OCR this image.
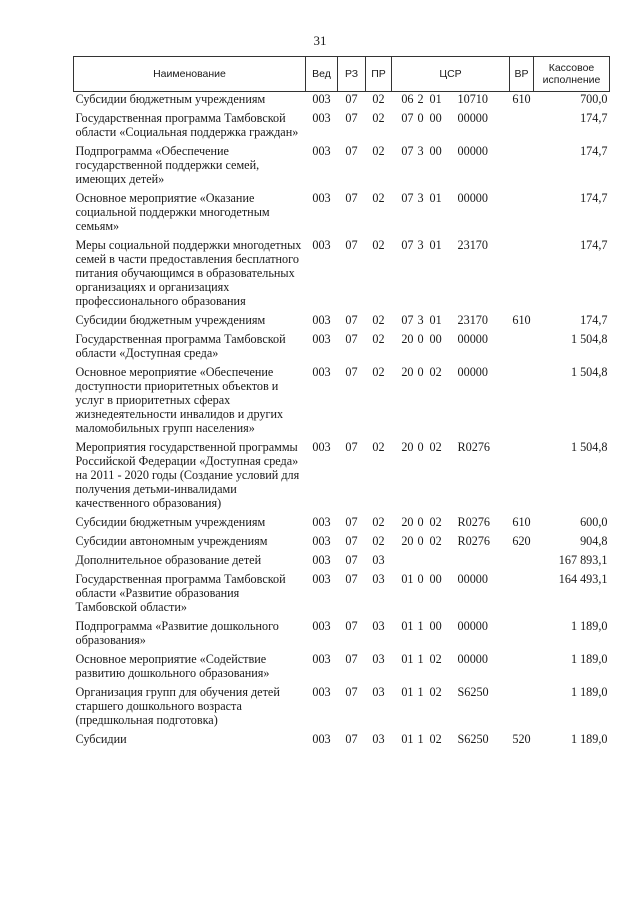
31
Наименование	Вед	РЗ	ПР	ЦСР	ВР	Кассовое исполнение
Субсидии бюджетным учреждениям	003	07	02	06 2 01 10710	610	700,0
Государственная программа Тамбовской области «Социальная поддержка граждан»	003	07	02	07 0 00 00000		174,7
Подпрограмма «Обеспечение государственной поддержки семей, имеющих детей»	003	07	02	07 3 00 00000		174,7
Основное мероприятие «Оказание социальной поддержки многодетным семьям»	003	07	02	07 3 01 00000		174,7
Меры социальной поддержки многодетных семей в части предоставления бесплатного питания обучающимся в образовательных организациях и организациях профессионального образования	003	07	02	07 3 01 23170		174,7
Субсидии бюджетным учреждениям	003	07	02	07 3 01 23170	610	174,7
Государственная программа Тамбовской области «Доступная среда»	003	07	02	20 0 00 00000		1 504,8
Основное мероприятие «Обеспечение доступности приоритетных объектов и услуг в приоритетных сферах жизнедеятельности инвалидов и других маломобильных групп населения»	003	07	02	20 0 02 00000		1 504,8
Мероприятия государственной программы Российской Федерации «Доступная среда» на 2011 - 2020 годы (Создание условий для получения детьми-инвалидами качественного образования)	003	07	02	20 0 02 R0276		1 504,8
Субсидии бюджетным учреждениям	003	07	02	20 0 02 R0276	610	600,0
Субсидии автономным учреждениям	003	07	02	20 0 02 R0276	620	904,8
Дополнительное образование детей	003	07	03			167 893,1
Государственная программа Тамбовской области «Развитие образования Тамбовской области»	003	07	03	01 0 00 00000		164 493,1
Подпрограмма «Развитие дошкольного образования»	003	07	03	01 1 00 00000		1 189,0
Основное мероприятие «Содействие развитию дошкольного образования»	003	07	03	01 1 02 00000		1 189,0
Организация групп для обучения детей старшего дошкольного возраста (предшкольная подготовка)	003	07	03	01 1 02 S6250		1 189,0
Субсидии	003	07	03	01 1 02 S6250	520	1 189,0
